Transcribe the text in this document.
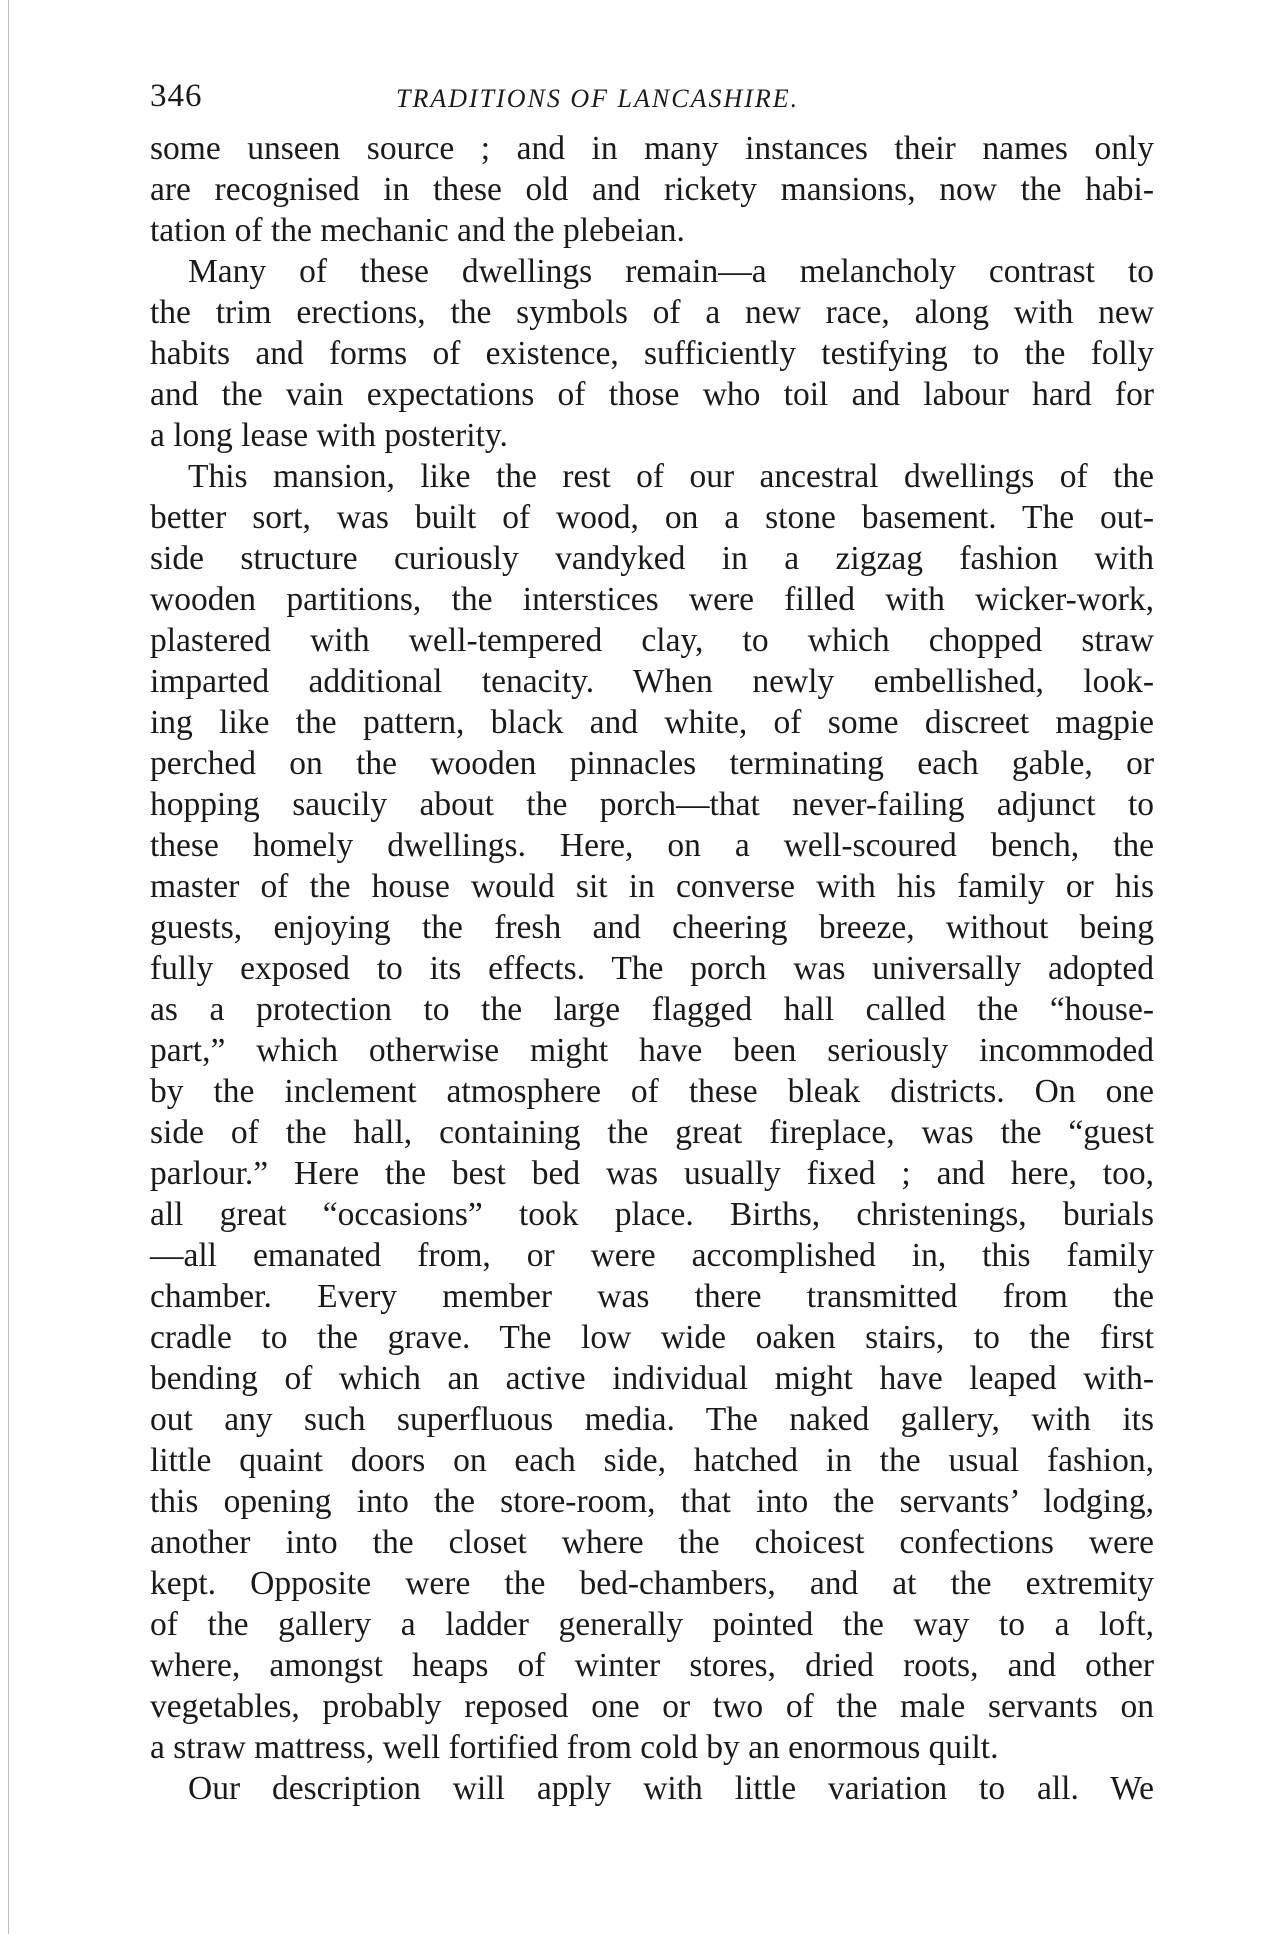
346	TRADITIONS OF LANCASHIRE.
some unseen source ; and in many instances their names only
are recognised in these old and rickety mansions, now the habi-
tation of the mechanic and the plebeian.
Many of these dwellings remain—a melancholy contrast to
the trim erections, the symbols of a new race, along with new
habits and forms of existence, sufficiently testifying to the folly
and the vain expectations of those who toil and labour hard for
a long lease with posterity.
This mansion, like the rest of our ancestral dwellings of the
better sort, was built of wood, on a stone basement. The out-
side structure curiously vandyked in a zigzag fashion with
wooden partitions, the interstices were filled with wicker-work,
plastered with well-tempered clay, to which chopped straw
imparted additional tenacity. When newly embellished, look-
ing like the pattern, black and white, of some discreet magpie
perched on the wooden pinnacles terminating each gable, or
hopping saucily about the porch—that never-failing adjunct to
these homely dwellings. Here, on a well-scoured bench, the
master of the house would sit in converse with his family or his
guests, enjoying the fresh and cheering breeze, without being
fully exposed to its effects. The porch was universally adopted
as a protection to the large flagged hall called the “house-
part,” which otherwise might have been seriously incommoded
by the inclement atmosphere of these bleak districts. On one
side of the hall, containing the great fireplace, was the “guest
parlour.” Here the best bed was usually fixed ; and here, too,
all great “occasions” took place. Births, christenings, burials
—all emanated from, or were accomplished in, this family
chamber. Every member was there transmitted from the
cradle to the grave. The low wide oaken stairs, to the first
bending of which an active individual might have leaped with-
out any such superfluous media. The naked gallery, with its
little quaint doors on each side, hatched in the usual fashion,
this opening into the store-room, that into the servants’ lodging,
another into the closet where the choicest confections were
kept. Opposite were the bed-chambers, and at the extremity
of the gallery a ladder generally pointed the way to a loft,
where, amongst heaps of winter stores, dried roots, and other
vegetables, probably reposed one or two of the male servants on
a straw mattress, well fortified from cold by an enormous quilt.
Our description will apply with little variation to all. We
